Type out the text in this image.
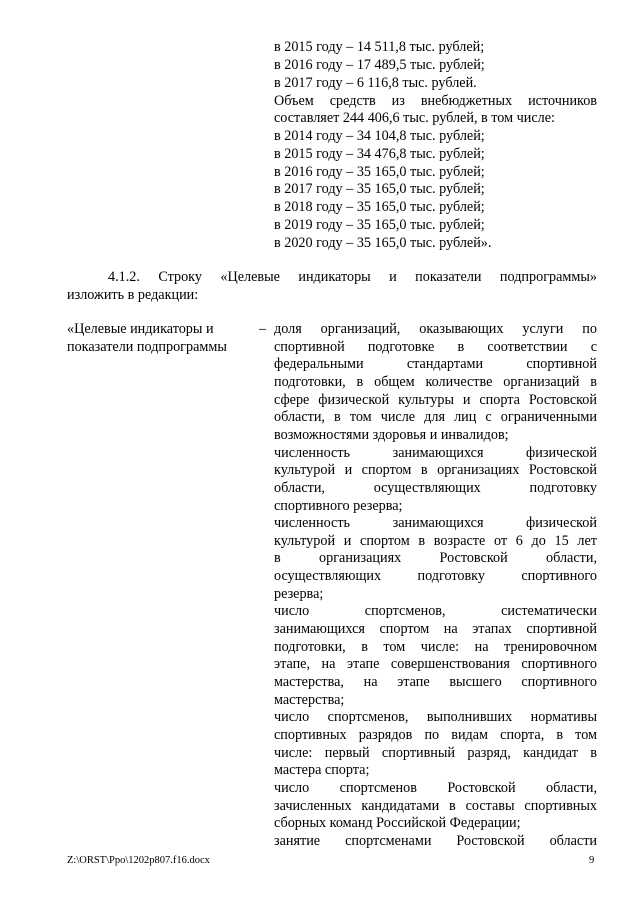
в 2015 году – 14 511,8 тыс. рублей;
в 2016 году – 17 489,5 тыс. рублей;
в 2017 году – 6 116,8 тыс. рублей.
Объем средств из внебюджетных источников
составляет 244 406,6 тыс. рублей, в том числе:
в 2014 году – 34 104,8 тыс. рублей;
в 2015 году – 34 476,8 тыс. рублей;
в 2016 году – 35 165,0 тыс. рублей;
в 2017 году – 35 165,0 тыс. рублей;
в 2018 году – 35 165,0 тыс. рублей;
в 2019 году – 35 165,0 тыс. рублей;
в 2020 году – 35 165,0 тыс. рублей».
4.1.2. Строку «Целевые индикаторы и показатели подпрограммы»
изложить в редакции:
«Целевые индикаторы и
показатели подпрограммы
– доля организаций, оказывающих услуги по
спортивной подготовке в соответствии с
федеральными стандартами спортивной
подготовки, в общем количестве организаций в
сфере физической культуры и спорта Ростовской
области, в том числе для лиц с ограниченными
возможностями здоровья и инвалидов;
численность занимающихся физической
культурой и спортом в организациях Ростовской
области, осуществляющих подготовку
спортивного резерва;
численность занимающихся физической
культурой и спортом в возрасте от 6 до 15 лет
в организациях Ростовской области,
осуществляющих подготовку спортивного
резерва;
число спортсменов, систематически
занимающихся спортом на этапах спортивной
подготовки, в том числе: на тренировочном
этапе, на этапе совершенствования спортивного
мастерства, на этапе высшего спортивного
мастерства;
число спортсменов, выполнивших нормативы
спортивных разрядов по видам спорта, в том
числе: первый спортивный разряд, кандидат в
мастера спорта;
число спортсменов Ростовской области,
зачисленных кандидатами в составы спортивных
сборных команд Российской Федерации;
занятие спортсменами Ростовской области
Z:\ORST\Ppo\1202p807.f16.docx	9
